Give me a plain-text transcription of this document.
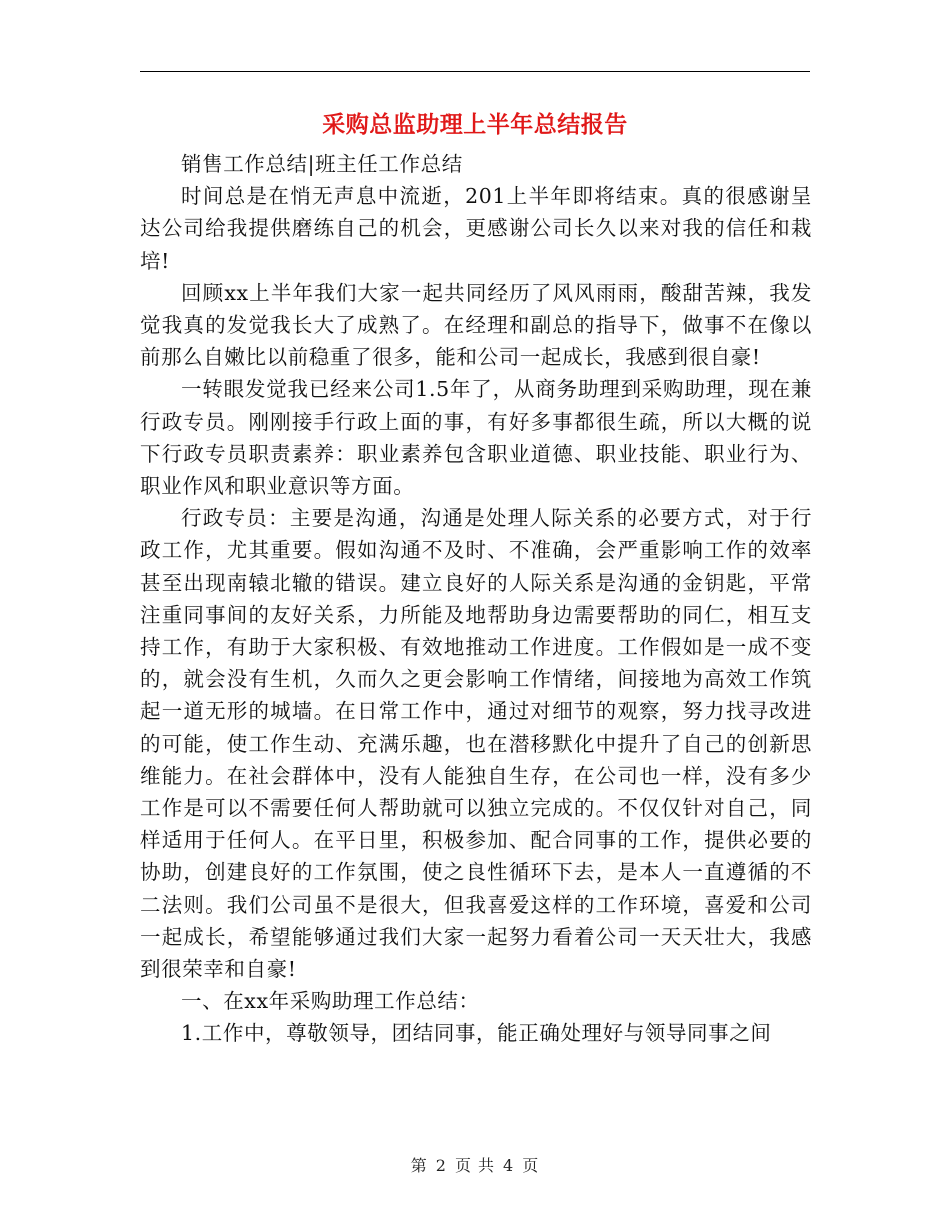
采购总监助理上半年总结报告

销售工作总结|班主任工作总结

时间总是在悄无声息中流逝，201上半年即将结束。真的很感谢呈达公司给我提供磨练自己的机会，更感谢公司长久以来对我的信任和栽培!

回顾xx上半年我们大家一起共同经历了风风雨雨，酸甜苦辣，我发觉我真的发觉我长大了成熟了。在经理和副总的指导下，做事不在像以前那么自嫩比以前稳重了很多，能和公司一起成长，我感到很自豪!

一转眼发觉我已经来公司1.5年了，从商务助理到采购助理，现在兼行政专员。刚刚接手行政上面的事，有好多事都很生疏，所以大概的说下行政专员职责素养：职业素养包含职业道德、职业技能、职业行为、职业作风和职业意识等方面。

行政专员：主要是沟通，沟通是处理人际关系的必要方式，对于行政工作，尤其重要。假如沟通不及时、不准确，会严重影响工作的效率甚至出现南辕北辙的错误。建立良好的人际关系是沟通的金钥匙，平常注重同事间的友好关系，力所能及地帮助身边需要帮助的同仁，相互支持工作，有助于大家积极、有效地推动工作进度。工作假如是一成不变的，就会没有生机，久而久之更会影响工作情绪，间接地为高效工作筑起一道无形的城墙。在日常工作中，通过对细节的观察，努力找寻改进的可能，使工作生动、充满乐趣，也在潜移默化中提升了自己的创新思维能力。在社会群体中，没有人能独自生存，在公司也一样，没有多少工作是可以不需要任何人帮助就可以独立完成的。不仅仅针对自己，同样适用于任何人。在平日里，积极参加、配合同事的工作，提供必要的协助，创建良好的工作氛围，使之良性循环下去，是本人一直遵循的不二法则。我们公司虽不是很大，但我喜爱这样的工作环境，喜爱和公司一起成长，希望能够通过我们大家一起努力看着公司一天天壮大，我感到很荣幸和自豪!

一、在xx年采购助理工作总结：

1.工作中，尊敬领导，团结同事，能正确处理好与领导同事之间

第 2 页 共 4 页
